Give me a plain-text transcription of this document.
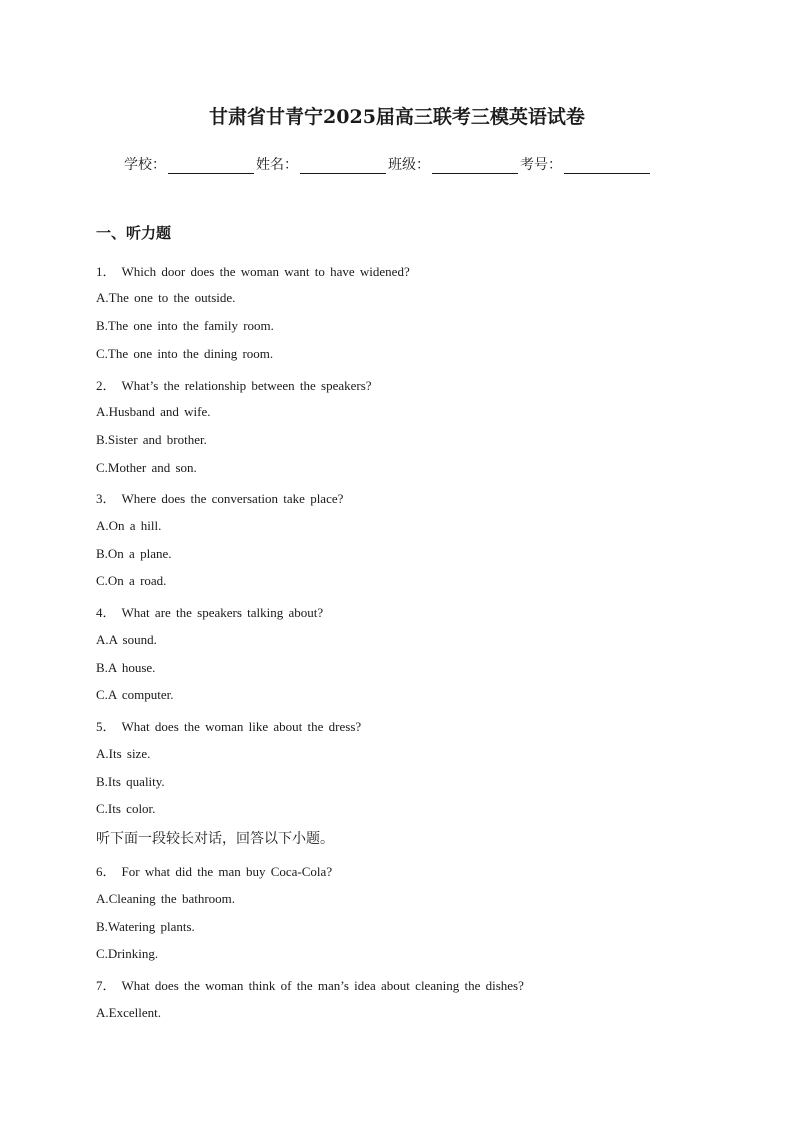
甘肃省甘青宁2025届高三联考三模英语试卷
学校：	姓名：	班级：	考号：
一、听力题
1． Which door does the woman want to have widened?
A.The one to the outside.
B.The one into the family room.
C.The one into the dining room.
2． What’s the relationship between the speakers?
A.Husband and wife.
B.Sister and brother.
C.Mother and son.
3． Where does the conversation take place?
A.On a hill.
B.On a plane.
C.On a road.
4． What are the speakers talking about?
A.A sound.
B.A house.
C.A computer.
5． What does the woman like about the dress?
A.Its size.
B.Its quality.
C.Its color.
听下面一段较长对话，回答以下小题。
6． For what did the man buy Coca-Cola?
A.Cleaning the bathroom.
B.Watering plants.
C.Drinking.
7． What does the woman think of the man’s idea about cleaning the dishes?
A.Excellent.
